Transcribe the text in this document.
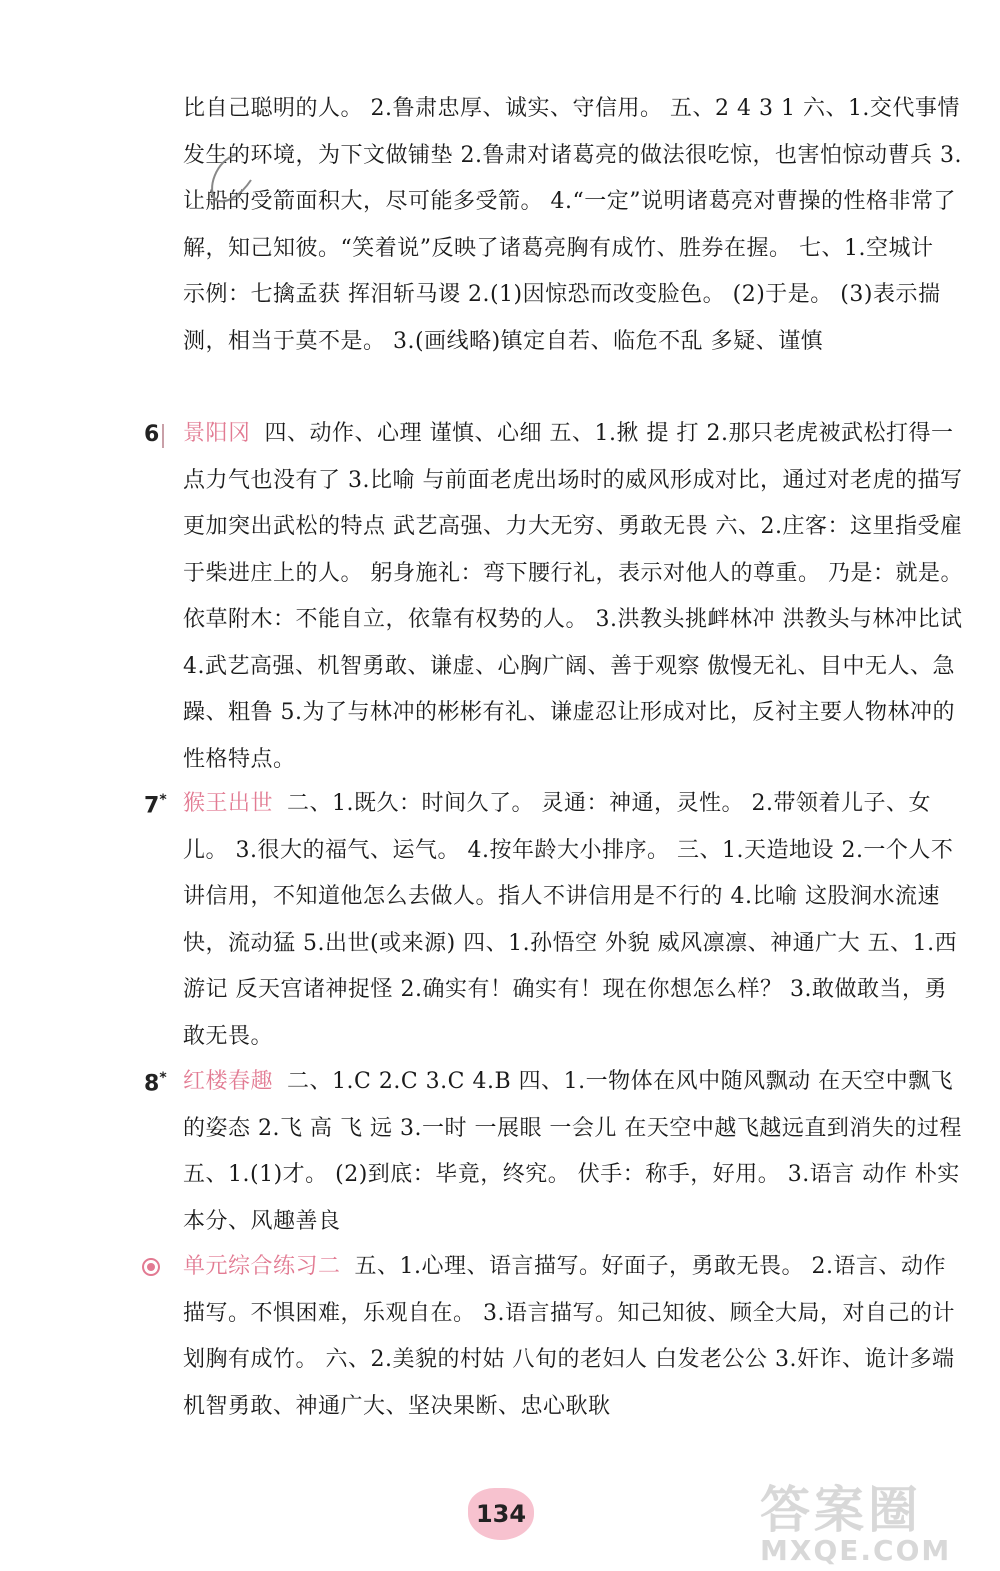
比自己聪明的人。 2.鲁肃忠厚、诚实、守信用。 五、2 4 3 1 六、1.交代事情发生的环境，为下文做铺垫 2.鲁肃对诸葛亮的做法很吃惊，也害怕惊动曹兵 3.让船的受箭面积大，尽可能多受箭。 4.“一定”说明诸葛亮对曹操的性格非常了解，知己知彼。“笑着说”反映了诸葛亮胸有成竹、胜券在握。 七、1.空城计 示例：七擒孟获 挥泪斩马谡 2.(1)因惊恐而改变脸色。 (2)于是。 (3)表示揣测，相当于莫不是。 3.(画线略)镇定自若、临危不乱 多疑、谨慎

6 景阳冈 四、动作、心理 谨慎、心细 五、1.揪 提 打 2.那只老虎被武松打得一点力气也没有了 3.比喻 与前面老虎出场时的威风形成对比，通过对老虎的描写更加突出武松的特点 武艺高强、力大无穷、勇敢无畏 六、2.庄客：这里指受雇于柴进庄上的人。 躬身施礼：弯下腰行礼，表示对他人的尊重。 乃是：就是。 依草附木：不能自立，依靠有权势的人。 3.洪教头挑衅林冲 洪教头与林冲比试 4.武艺高强、机智勇敢、谦虚、心胸广阔、善于观察 傲慢无礼、目中无人、急躁、粗鲁 5.为了与林冲的彬彬有礼、谦虚忍让形成对比，反衬主要人物林冲的性格特点。

7* 猴王出世 二、1.既久：时间久了。 灵通：神通，灵性。 2.带领着儿子、女儿。 3.很大的福气、运气。 4.按年龄大小排序。 三、1.天造地设 2.一个人不讲信用，不知道他怎么去做人。指人不讲信用是不行的 4.比喻 这股涧水流速快，流动猛 5.出世(或来源) 四、1.孙悟空 外貌 威风凛凛、神通广大 五、1.西游记 反天宫诸神捉怪 2.确实有！确实有！现在你想怎么样？ 3.敢做敢当，勇敢无畏。

8* 红楼春趣 二、1.C 2.C 3.C 4.B 四、1.一物体在风中随风飘动 在天空中飘飞的姿态 2.飞 高 飞 远 3.一时 一展眼 一会儿 在天空中越飞越远直到消失的过程 五、1.(1)才。 (2)到底：毕竟，终究。 伏手：称手，好用。 3.语言 动作 朴实本分、风趣善良

单元综合练习二 五、1.心理、语言描写。好面子，勇敢无畏。 2.语言、动作描写。不惧困难，乐观自在。 3.语言描写。知己知彼、顾全大局，对自己的计划胸有成竹。 六、2.美貌的村姑 八旬的老妇人 白发老公公 3.奸诈、诡计多端 机智勇敢、神通广大、坚决果断、忠心耿耿

134	答案圈
MXQE.COM
